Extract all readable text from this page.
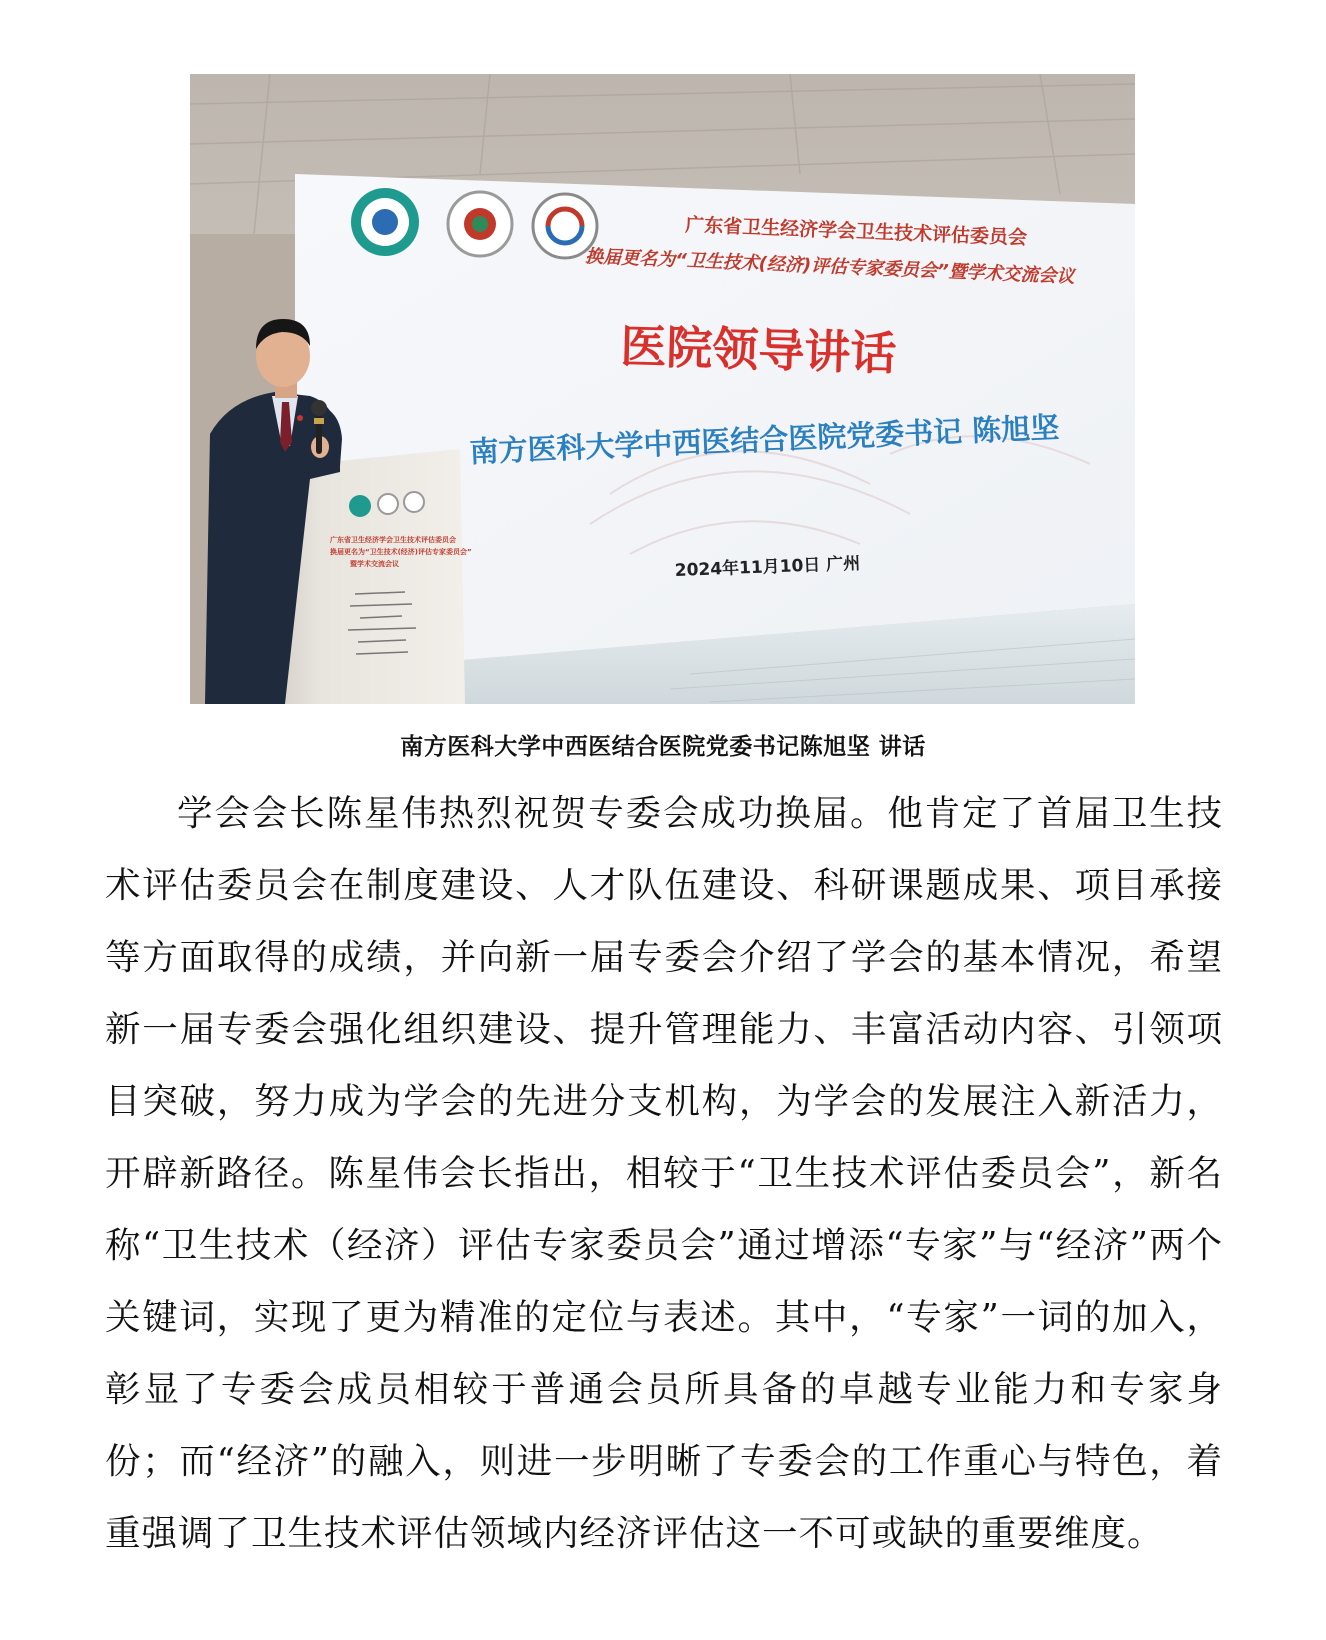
广东省卫生经济学会卫生技术评估委员会
换届更名为“卫生技术(经济)评估专家委员会”暨学术交流会议
医院领导讲话
南方医科大学中西医结合医院党委书记 陈旭坚
2024年11月10日 广州
广东省卫生经济学会卫生技术评估委员会
换届更名为“卫生技术(经济)评估专家委员会”
暨学术交流会议
南方医科大学中西医结合医院党委书记陈旭坚 讲话

学会会长陈星伟热烈祝贺专委会成功换届。他肯定了首届卫生技术评估委员会在制度建设、人才队伍建设、科研课题成果、项目承接等方面取得的成绩，并向新一届专委会介绍了学会的基本情况，希望新一届专委会强化组织建设、提升管理能力、丰富活动内容、引领项目突破，努力成为学会的先进分支机构，为学会的发展注入新活力，开辟新路径。陈星伟会长指出，相较于“卫生技术评估委员会”，新名称“卫生技术（经济）评估专家委员会”通过增添“专家”与“经济”两个关键词，实现了更为精准的定位与表述。其中，“专家”一词的加入，彰显了专委会成员相较于普通会员所具备的卓越专业能力和专家身份；而“经济”的融入，则进一步明晰了专委会的工作重心与特色，着重强调了卫生技术评估领域内经济评估这一不可或缺的重要维度。
